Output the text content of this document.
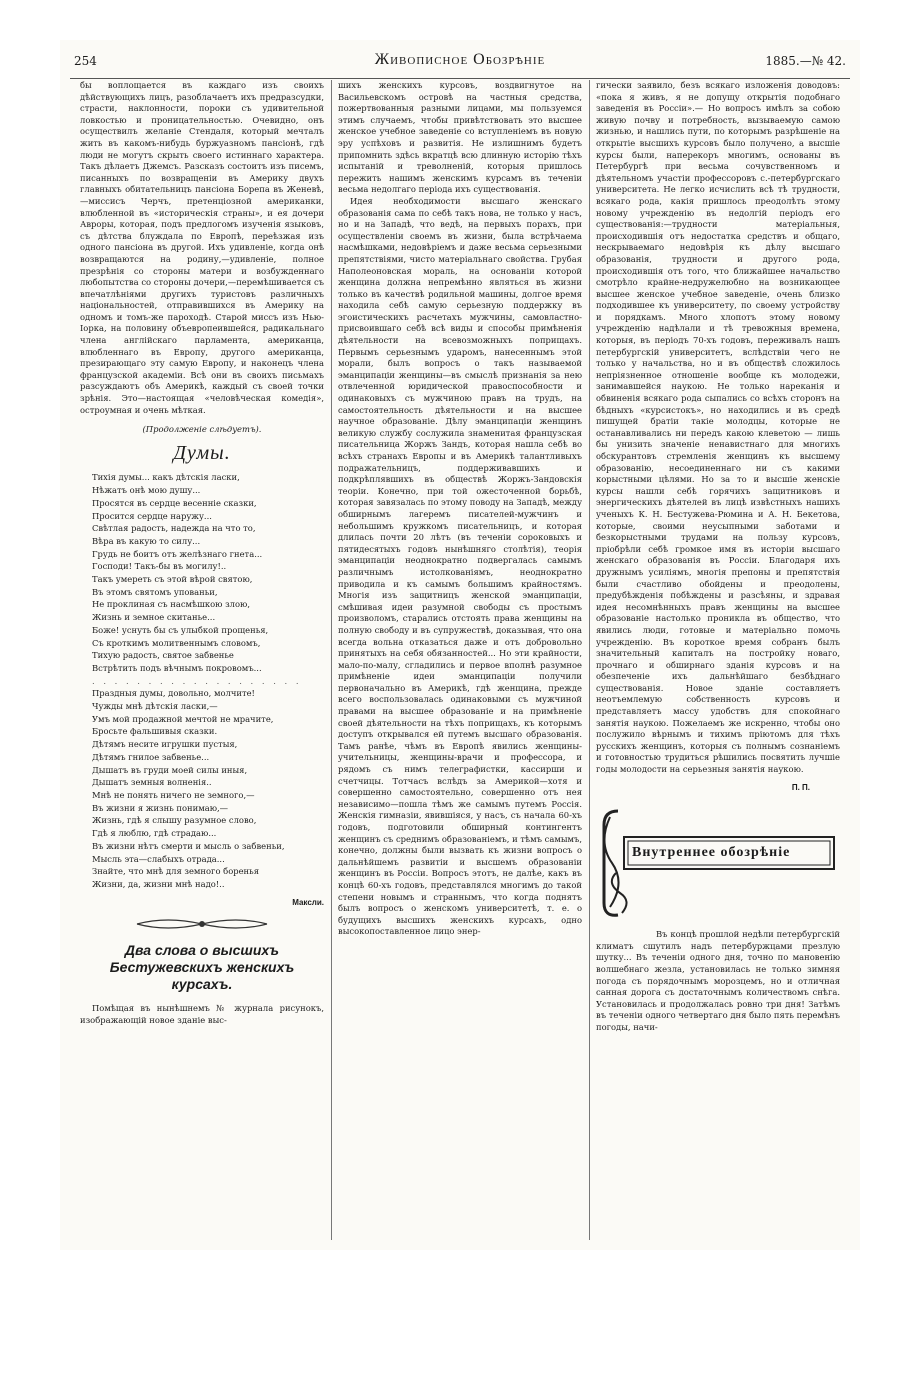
254	Живописное Обозрѣніе	1885.—№ 42.

бы воплощается въ каждаго изъ своихъ дѣйствующихъ лицъ, разоблачаетъ ихъ предразсудки, страсти, наклонности, пороки съ удивительной ловкостью и проницательностью. Очевидно, онъ осуществилъ желаніе Стендаля, который мечталъ жить въ какомъ-нибудь буржуазномъ пансіонѣ, гдѣ люди не могутъ скрыть своего истиннаго характера. Такъ дѣлаетъ Джемсъ. Разсказъ состоитъ изъ писемъ, писанныхъ по возвращеніи въ Америку двухъ главныхъ обитательницъ пансіона Борепа въ Женевѣ,—миссисъ Черчъ, претенціозной американки, влюбленной въ «историческія страны», и ея дочери Авроры, которая, подъ предлогомъ изученія языковъ, съ дѣтства блуждала по Европѣ, переѣзжая изъ одного пансіона въ другой. Ихъ удивленіе, когда онѣ возвращаются на родину,—удивленіе, полное презрѣнія со стороны матери и возбужденнаго любопытства со стороны дочери,—перемѣшивается съ впечатлѣніями другихъ туристовъ различныхъ національностей, отправившихся въ Америку на одномъ и томъ-же пароходѣ. Старой миссъ изъ Нью-Іорка, на половину объевропеившейся, радикальнаго члена англійскаго парламента, американца, влюбленнаго въ Европу, другого американца, презирающаго эту самую Европу, и наконецъ члена французской академіи. Всѣ они въ своихъ письмахъ разсуждаютъ объ Америкѣ, каждый съ своей точки зрѣнія. Это—настоящая «человѣческая комедія», остроумная и очень мѣткая.

(Продолженіе слѣдуетъ).
Думы.
Тихія думы... какъ дѣтскія ласки,
Нѣжатъ онѣ мою душу...
Просятся въ сердце весенніе сказки,
Просится сердце наружу...
Свѣтлая радость, надежда на что то,
Вѣра въ какую то силу...
Грудь не боитъ отъ желѣзнаго гнета...
Господи! Такъ-бы въ могилу!..
Такъ умереть съ этой вѣрой святою,
Въ этомъ святомъ упованьи,
Не проклиная съ насмѣшкою злою,
Жизнь и земное скитанье...
Боже! уснуть бы съ улыбкой прощенья,
Съ кроткимъ молитвеннымъ словомъ,
Тихую радость, святое забвенье
Встрѣтить подъ вѣчнымъ покровомъ...
. . . . . . . . . . . . . . . . . . .
Праздныя думы, довольно, молчите!
Чужды мнѣ дѣтскія ласки,—
Умъ мой продажной мечтой не мрачите,
Бросьте фальшивыя сказки.
Дѣтямъ несите игрушки пустыя,
Дѣтямъ гнилое забвенье...
Дышатъ въ груди моей силы иныя,
Дышатъ земныя волненія..
Мнѣ не понять ничего не земного,—
Въ жизни я жизнь понимаю,—
Жизнь, гдѣ я слышу разумное слово,
Гдѣ я люблю, гдѣ страдаю...
Въ жизни нѣтъ смерти и мысль о забвеньи,
Мысль эта—слабыхъ отрада...
Знайте, что мнѣ для земного боренья
Жизни, да, жизни мнѣ надо!..
Максли.
Два слова о высшихъ Бестужевскихъ женскихъ курсахъ.

Помѣщая въ нынѣшнемъ № журнала рисунокъ, изображающій новое зданіе выс-

шихъ женскихъ курсовъ, воздвигнутое на Васильевскомъ островѣ на частныя средства, пожертвованныя разными лицами, мы пользуемся этимъ случаемъ, чтобы привѣтствовать это высшее женское учебное заведеніе со вступленіемъ въ новую эру успѣховъ и развитія. Не излишнимъ будетъ припомнить здѣсь вкратцѣ всю длинную исторію тѣхъ испытаній и треволненій, которыя пришлось пережить нашимъ женскимъ курсамъ въ теченіи весьма недолгаго періода ихъ существованія.

Идея необходимости высшаго женскаго образованія сама по себѣ такъ нова, не только у насъ, но и на Западѣ, что ведѣ, на первыхъ порахъ, при осуществленіи своемъ въ жизни, была встрѣчаема насмѣшками, недовѣріемъ и даже весьма серьезными препятствіями, чисто матеріальнаго свойства. Грубая Наполеоновская мораль, на основаніи которой женщина должна непремѣнно являться въ жизни только въ качествѣ родильной машины, долгое время находила себѣ самую серьезную поддержку въ эгоистическихъ расчетахъ мужчины, самовластно-присвоившаго себѣ всѣ виды и способы примѣненія дѣятельности на всевозможныхъ поприщахъ. Первымъ серьезнымъ ударомъ, нанесеннымъ этой морали, былъ вопросъ о такъ называемой эманципаціи женщины—въ смыслѣ признанія за нею отвлеченной юридической правоспособности и одинаковыхъ съ мужчиною правъ на трудъ, на самостоятельность дѣятельности и на высшее научное образованіе. Дѣлу эманципаціи женщинъ великую службу сослужила знаменитая французская писательница Жоржъ Зандъ, которая нашла себѣ во всѣхъ странахъ Европы и въ Америкѣ талантливыхъ подражательницъ, поддерживавшихъ и подкрѣплявшихъ въ обществѣ Жоржъ-Зандовскія теоріи. Конечно, при той ожесточенной борьбѣ, которая завязалась по этому поводу на Западѣ, между обширнымъ лагеремъ писателей-мужчинъ и небольшимъ кружкомъ писательницъ, и которая длилась почти 20 лѣтъ (въ теченіи сороковыхъ и пятидесятыхъ годовъ нынѣшняго столѣтія), теорія эманципаціи неоднократно подвергалась самымъ различнымъ истолкованіямъ, неоднократно приводила и къ самымъ большимъ крайностямъ. Многія изъ защитницъ женской эманципаціи, смѣшивая идеи разумной свободы съ простымъ произволомъ, старались отстоять права женщины на полную свободу и въ супружествѣ, доказывая, что она всегда вольна отказаться даже и отъ добровольно принятыхъ на себя обязанностей... Но эти крайности, мало-по-малу, сгладились и первое вполнѣ разумное примѣненіе идеи эманципаціи получили первоначально въ Америкѣ, гдѣ женщина, прежде всего воспользовалась одинаковыми съ мужчиной правами на высшее образованіе и на примѣненіе своей дѣятельности на тѣхъ поприщахъ, къ которымъ доступъ открывался ей путемъ высшаго образованія. Тамъ ранѣе, чѣмъ въ Европѣ явились женщины-учительницы, женщины-врачи и профессора, и рядомъ съ нимъ телеграфистки, кассирши и счетчицы. Тотчасъ вслѣдъ за Америкой—хотя и совершенно самостоятельно, совершенно отъ нея независимо—пошла тѣмъ же самымъ путемъ Россія. Женскія гимназіи, явившіяся, у насъ, съ начала 60-хъ годовъ, подготовили обширный контингентъ женщинъ съ среднимъ образованіемъ, и тѣмъ самымъ, конечно, должны были вызвать къ жизни вопросъ о дальнѣйшемъ развитіи и высшемъ образованіи женщинъ въ Россіи. Вопросъ этотъ, не далѣе, какъ въ концѣ 60-хъ годовъ, представлялся многимъ до такой степени новымъ и страннымъ, что когда поднятъ былъ вопросъ о женскомъ университетѣ, т. е. о будущихъ высшихъ женскихъ курсахъ, одно высокопоставленное лицо энер-

гически заявило, безъ всякаго изложенія доводовъ: «пока я живъ, я не допущу открытія подобнаго заведенія въ Россіи».— Но вопросъ имѣлъ за собою живую почву и потребность, вызываемую самою жизнью, и нашлись пути, по которымъ разрѣшеніе на открытіе высшихъ курсовъ было получено, а высшіе курсы были, наперекоръ многимъ, основаны въ Петербургѣ при весьма сочувственномъ и дѣятельномъ участіи профессоровъ с.-петербургскаго университета. Не легко исчислить всѣ тѣ трудности, всякаго рода, какія пришлось преодолѣть этому новому учрежденію въ недолгій періодъ его существованія:—трудности матеріальныя, происходившія отъ недостатка средствъ и общаго, нескрываемаго недовѣрія къ дѣлу высшаго образованія, трудности и другого рода, происходившія отъ того, что ближайшее начальство смотрѣло крайне-недружелюбно на возникающее высшее женское учебное заведеніе, очень близко подходившее къ университету, по своему устройству и порядкамъ. Много хлопотъ этому новому учрежденію надѣлали и тѣ тревожныя времена, которыя, въ періодъ 70-хъ годовъ, переживалъ нашъ петербургскій университетъ, вслѣдствіи чего не только у начальства, но и въ обществѣ сложилось непріязненное отношеніе вообще къ молодежи, занимавшейся наукою. Не только нареканія и обвиненія всякаго рода сыпались со всѣхъ сторонъ на бѣдныхъ «курсистокъ», но находились и въ средѣ пишущей братіи такіе молодцы, которые не останавливались ни передъ какою клеветою — лишь бы унизить значеніе ненавистнаго для многихъ обскурантовъ стремленія женщинъ къ высшему образованію, несоединеннаго ни съ какими корыстными цѣлями. Но за то и высшіе женскіе курсы нашли себѣ горячихъ защитниковъ и энергическихъ дѣятелей въ лицѣ извѣстныхъ нашихъ ученыхъ К. Н. Бестужева-Рюмина и А. Н. Бекетова, которые, своими неусыпными заботами и безкорыстными трудами на пользу курсовъ, пріобрѣли себѣ громкое имя въ исторіи высшаго женскаго образованія въ Россіи. Благодаря ихъ дружнымъ усиліямъ, многія препоны и препятствія были счастливо обойдены и преодолены, предубѣжденія побѣждены и разсѣяны, и здравая идея несомнѣнныхъ правъ женщины на высшее образованіе настолько проникла въ общество, что явились люди, готовые и матеріально помочь учрежденію. Въ короткое время собранъ былъ значительный капиталъ на постройку новаго, прочнаго и обширнаго зданія курсовъ и на обезпеченіе ихъ дальнѣйшаго безбѣднаго существованія. Новое зданіе составляетъ неотъемлемую собственность курсовъ и представляетъ массу удобствъ для спокойнаго занятія наукою. Пожелаемъ же искренно, чтобы оно послужило вѣрнымъ и тихимъ пріютомъ для тѣхъ русскихъ женщинъ, которыя съ полнымъ сознаніемъ и готовностью трудиться рѣшились посвятить лучшіе годы молодости на серьезныя занятія наукою.

П. П.
Внутреннее обозрѣніе

Въ концѣ прошлой недѣли петербургскій климатъ сшутилъ надъ петербуржцами презлую шутку... Въ теченіи одного дня, точно по мановенію волшебнаго жезла, установилась не только зимняя погода съ порядочнымъ морозцемъ, но и отличная санная дорога съ достаточнымъ количествомъ снѣга. Установилась и продолжалась ровно три дня! Затѣмъ въ теченіи одного четвертаго дня было пять перемѣнъ погоды, начи-
